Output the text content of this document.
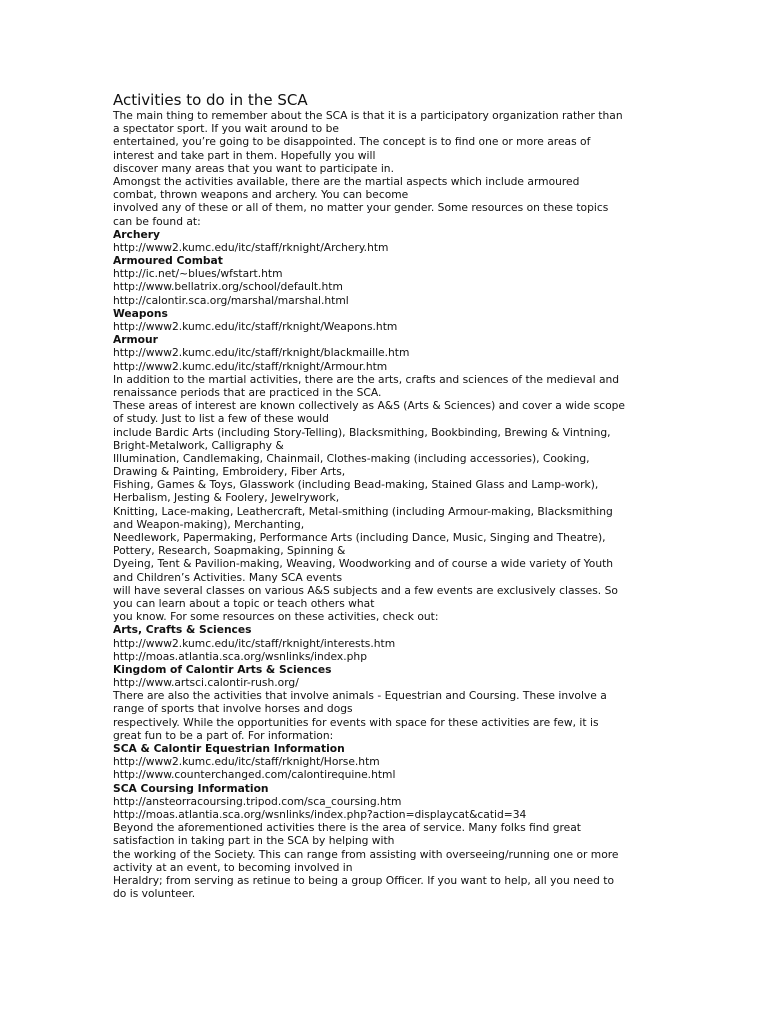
Activities to do in the SCA
The main thing to remember about the SCA is that it is a participatory organization rather than
a spectator sport. If you wait around to be
entertained, you’re going to be disappointed. The concept is to find one or more areas of
interest and take part in them. Hopefully you will
discover many areas that you want to participate in.
Amongst the activities available, there are the martial aspects which include armoured
combat, thrown weapons and archery. You can become
involved any of these or all of them, no matter your gender. Some resources on these topics
can be found at:
Archery
http://www2.kumc.edu/itc/staff/rknight/Archery.htm
Armoured Combat
http://ic.net/~blues/wfstart.htm
http://www.bellatrix.org/school/default.htm
http://calontir.sca.org/marshal/marshal.html
Weapons
http://www2.kumc.edu/itc/staff/rknight/Weapons.htm
Armour
http://www2.kumc.edu/itc/staff/rknight/blackmaille.htm
http://www2.kumc.edu/itc/staff/rknight/Armour.htm
In addition to the martial activities, there are the arts, crafts and sciences of the medieval and
renaissance periods that are practiced in the SCA.
These areas of interest are known collectively as A&S (Arts & Sciences) and cover a wide scope
of study. Just to list a few of these would
include Bardic Arts (including Story-Telling), Blacksmithing, Bookbinding, Brewing & Vintning,
Bright-Metalwork, Calligraphy &
Illumination, Candlemaking, Chainmail, Clothes-making (including accessories), Cooking,
Drawing & Painting, Embroidery, Fiber Arts,
Fishing, Games & Toys, Glasswork (including Bead-making, Stained Glass and Lamp-work),
Herbalism, Jesting & Foolery, Jewelrywork,
Knitting, Lace-making, Leathercraft, Metal-smithing (including Armour-making, Blacksmithing
and Weapon-making), Merchanting,
Needlework, Papermaking, Performance Arts (including Dance, Music, Singing and Theatre),
Pottery, Research, Soapmaking, Spinning &
Dyeing, Tent & Pavilion-making, Weaving, Woodworking and of course a wide variety of Youth
and Children’s Activities. Many SCA events
will have several classes on various A&S subjects and a few events are exclusively classes. So
you can learn about a topic or teach others what
you know. For some resources on these activities, check out:
Arts, Crafts & Sciences
http://www2.kumc.edu/itc/staff/rknight/interests.htm
http://moas.atlantia.sca.org/wsnlinks/index.php
Kingdom of Calontir Arts & Sciences
http://www.artsci.calontir-rush.org/
There are also the activities that involve animals - Equestrian and Coursing. These involve a
range of sports that involve horses and dogs
respectively. While the opportunities for events with space for these activities are few, it is
great fun to be a part of. For information:
SCA & Calontir Equestrian Information
http://www2.kumc.edu/itc/staff/rknight/Horse.htm
http://www.counterchanged.com/calontirequine.html
SCA Coursing Information
http://ansteorracoursing.tripod.com/sca_coursing.htm
http://moas.atlantia.sca.org/wsnlinks/index.php?action=displaycat&catid=34
Beyond the aforementioned activities there is the area of service. Many folks find great
satisfaction in taking part in the SCA by helping with
the working of the Society. This can range from assisting with overseeing/running one or more
activity at an event, to becoming involved in
Heraldry; from serving as retinue to being a group Officer. If you want to help, all you need to
do is volunteer.
